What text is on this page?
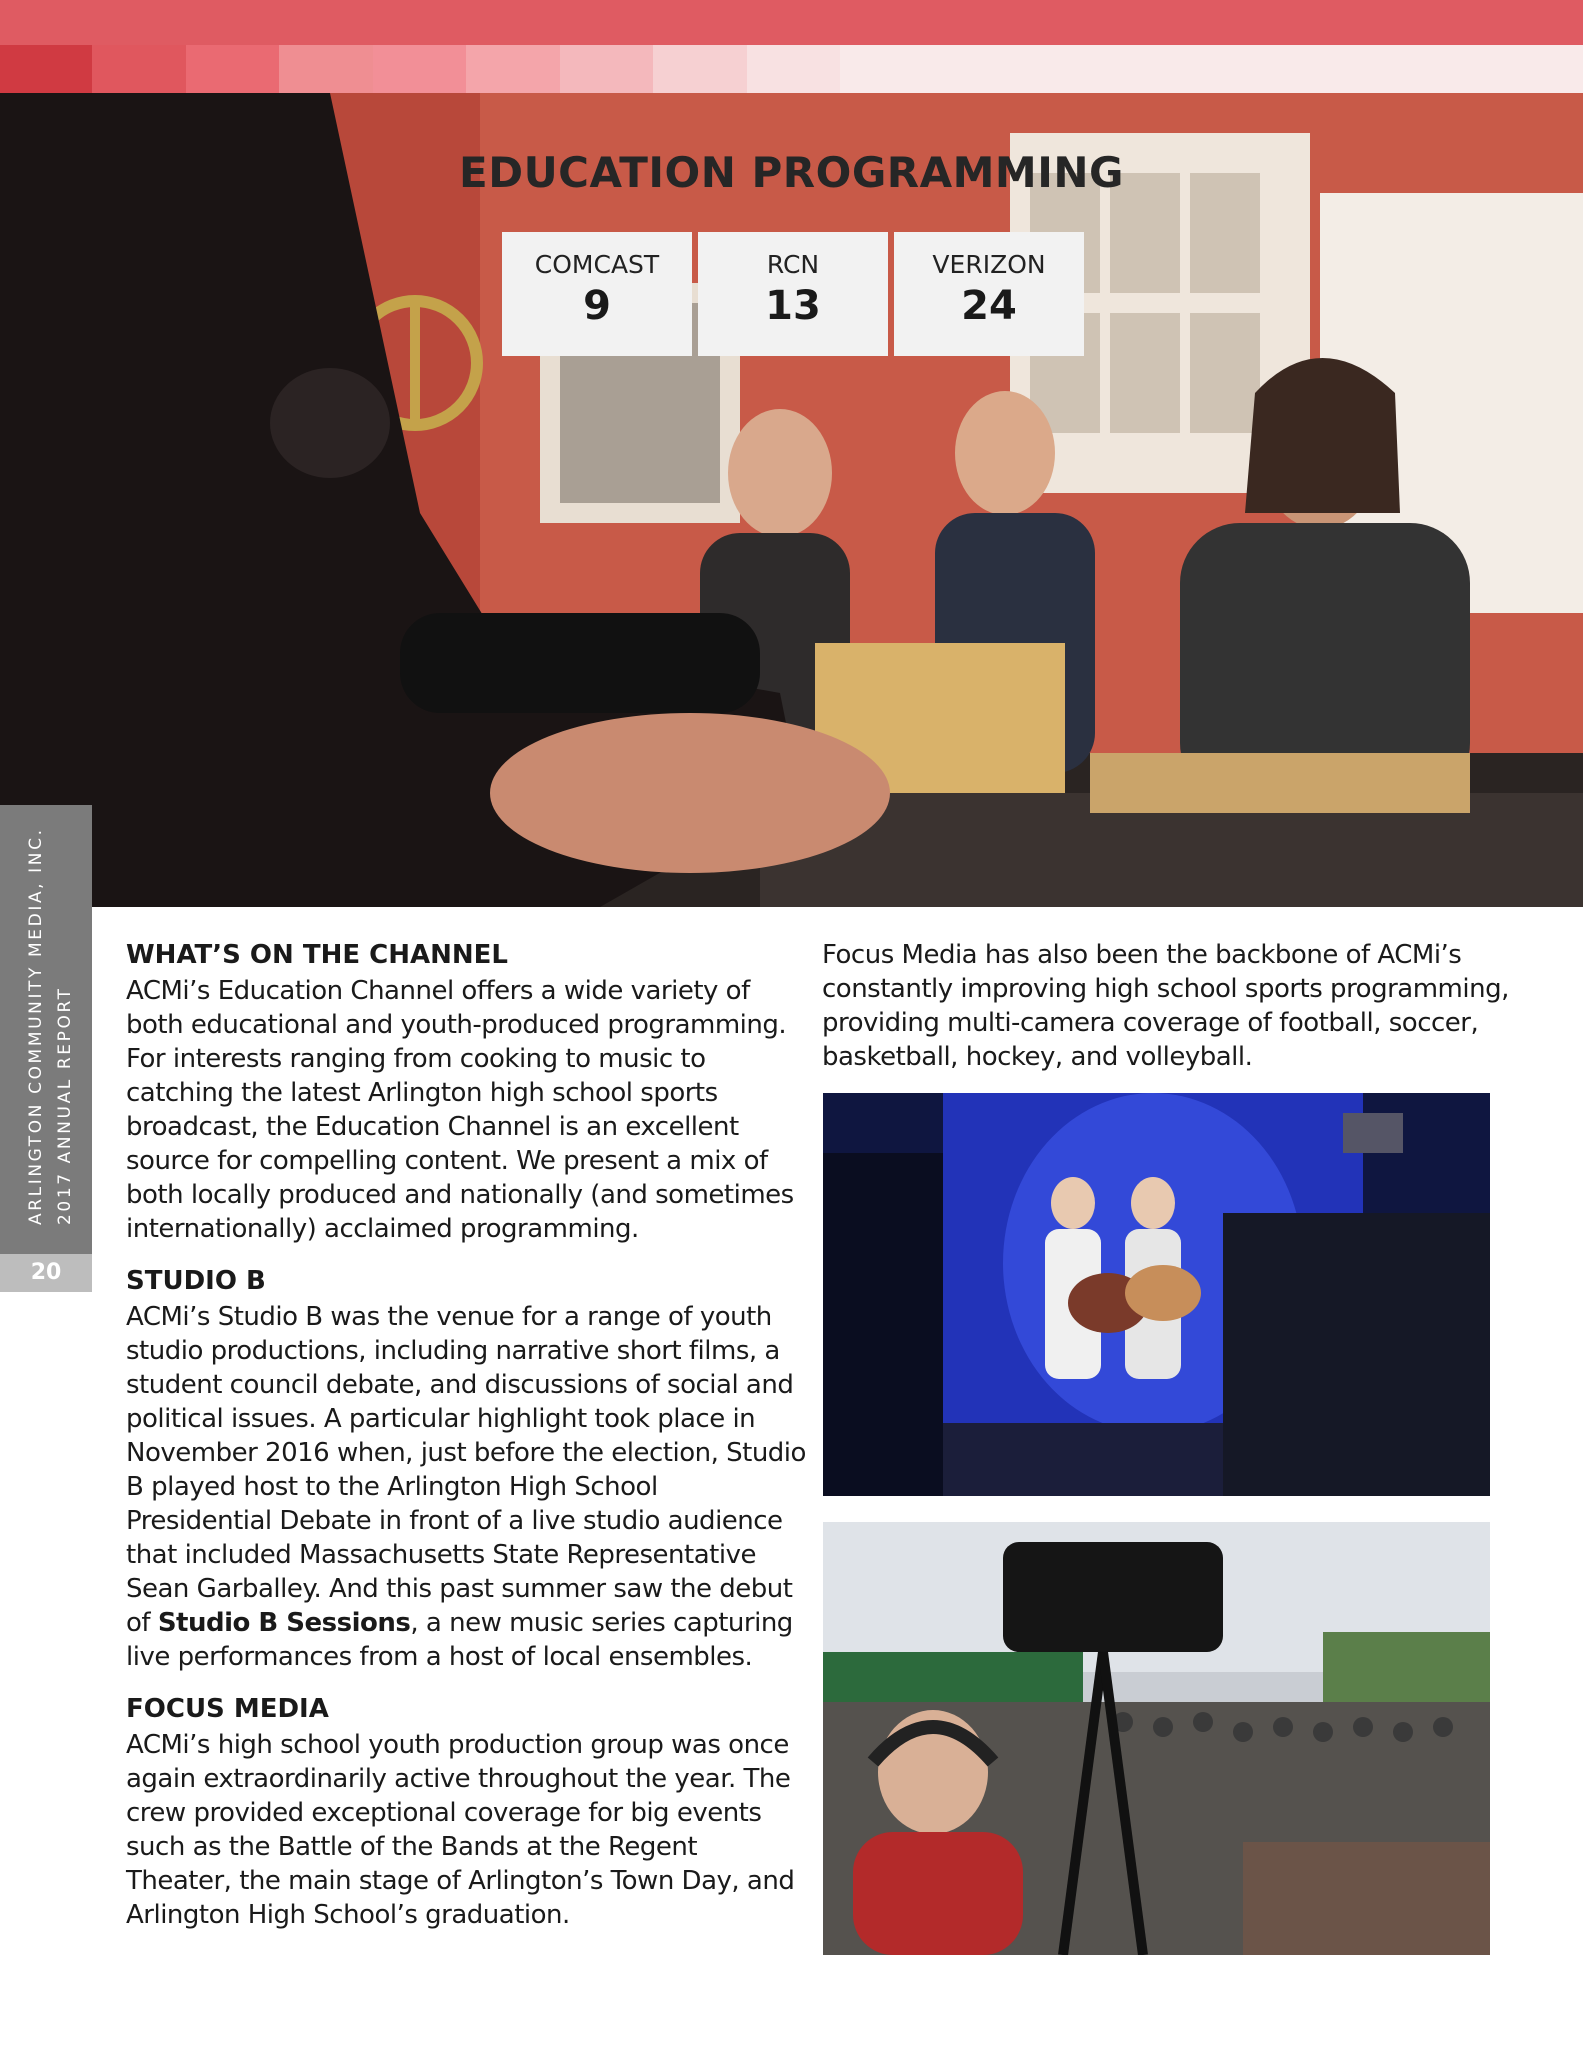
EDUCATION PROGRAMMING
COMCAST
9
RCN
13
VERIZON
24
ARLINGTON COMMUNITY MEDIA, INC. 2017 ANNUAL REPORT
20
WHAT’S ON THE CHANNEL

ACMi’s Education Channel offers a wide variety of both educational and youth-produced programming. For interests ranging from cooking to music to catching the latest Arlington high school sports broadcast, the Education Channel is an excellent source for compelling content. We present a mix of both locally produced and nationally (and sometimes internationally) acclaimed programming.

STUDIO B

ACMi’s Studio B was the venue for a range of youth studio productions, including narrative short films, a student council debate, and discussions of social and political issues. A particular highlight took place in November 2016 when, just before the election, Studio B played host to the Arlington High School Presidential Debate in front of a live studio audience that included Massachusetts State Representative Sean Garballey. And this past summer saw the debut of Studio B Sessions, a new music series capturing live performances from a host of local ensembles.

FOCUS MEDIA

ACMi’s high school youth production group was once again extraordinarily active throughout the year. The crew provided exceptional coverage for big events such as the Battle of the Bands at the Regent Theater, the main stage of Arlington’s Town Day, and Arlington High School’s graduation.

Focus Media has also been the backbone of ACMi’s constantly improving high school sports programming, providing multi-camera coverage of football, soccer, basketball, hockey, and volleyball.
